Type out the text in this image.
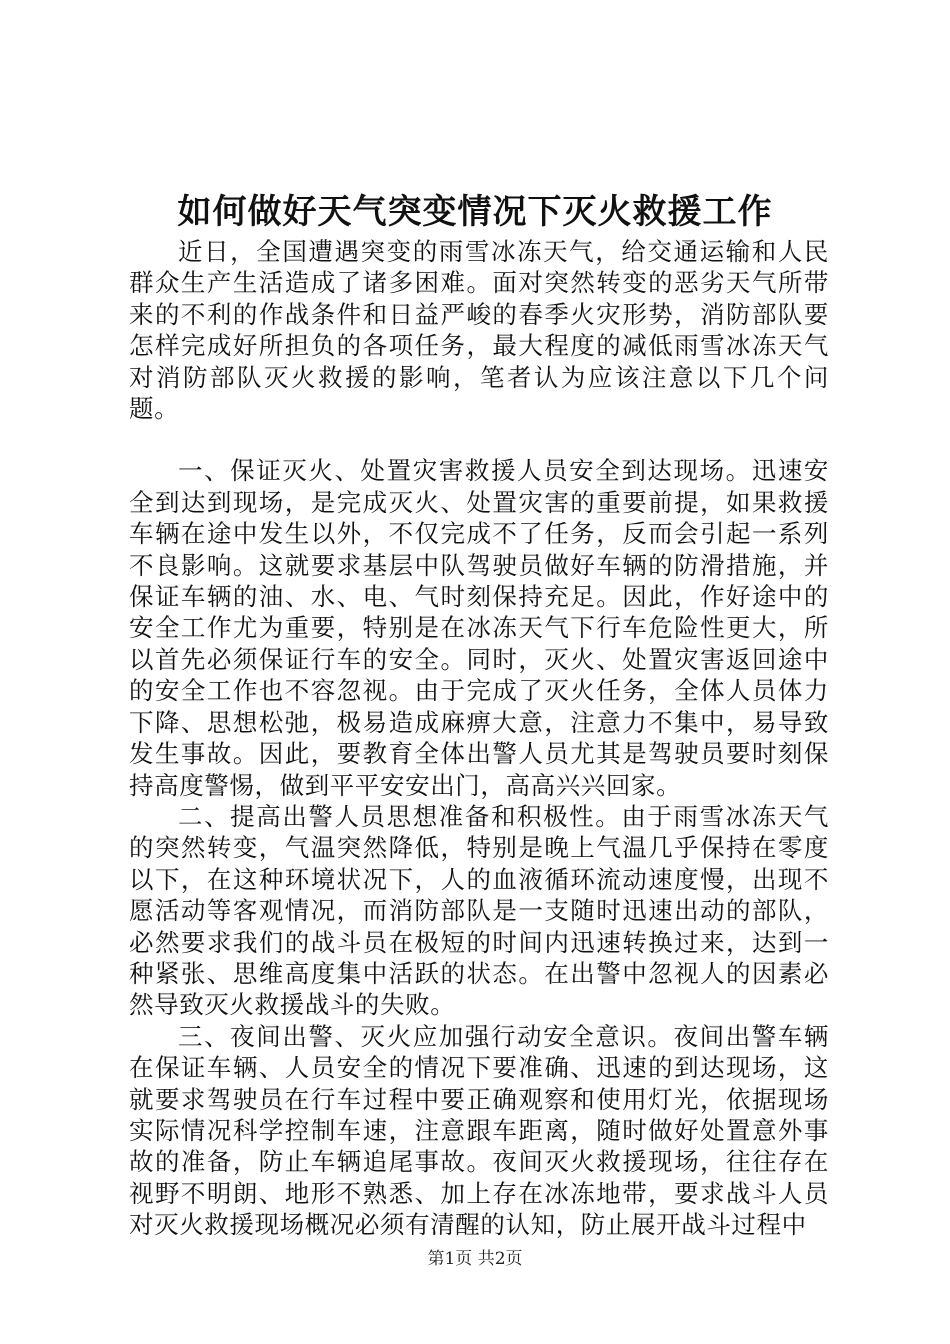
如何做好天气突变情况下灭火救援工作

近日，全国遭遇突变的雨雪冰冻天气，给交通运输和人民群众生产生活造成了诸多困难。面对突然转变的恶劣天气所带来的不利的作战条件和日益严峻的春季火灾形势，消防部队要怎样完成好所担负的各项任务，最大程度的减低雨雪冰冻天气对消防部队灭火救援的影响，笔者认为应该注意以下几个问题。

一、保证灭火、处置灾害救援人员安全到达现场。迅速安全到达到现场，是完成灭火、处置灾害的重要前提，如果救援车辆在途中发生以外，不仅完成不了任务，反而会引起一系列不良影响。这就要求基层中队驾驶员做好车辆的防滑措施，并保证车辆的油、水、电、气时刻保持充足。因此，作好途中的安全工作尤为重要，特别是在冰冻天气下行车危险性更大，所以首先必须保证行车的安全。同时，灭火、处置灾害返回途中的安全工作也不容忽视。由于完成了灭火任务，全体人员体力下降、思想松弛，极易造成麻痹大意，注意力不集中，易导致发生事故。因此，要教育全体出警人员尤其是驾驶员要时刻保持高度警惕，做到平平安安出门，高高兴兴回家。

二、提高出警人员思想准备和积极性。由于雨雪冰冻天气的突然转变，气温突然降低，特别是晚上气温几乎保持在零度以下，在这种环境状况下，人的血液循环流动速度慢，出现不愿活动等客观情况，而消防部队是一支随时迅速出动的部队，必然要求我们的战斗员在极短的时间内迅速转换过来，达到一种紧张、思维高度集中活跃的状态。在出警中忽视人的因素必然导致灭火救援战斗的失败。

三、夜间出警、灭火应加强行动安全意识。夜间出警车辆在保证车辆、人员安全的情况下要准确、迅速的到达现场，这就要求驾驶员在行车过程中要正确观察和使用灯光，依据现场实际情况科学控制车速，注意跟车距离，随时做好处置意外事故的准备，防止车辆追尾事故。夜间灭火救援现场，往往存在视野不明朗、地形不熟悉、加上存在冰冻地带，要求战斗人员对灭火救援现场概况必须有清醒的认知，防止展开战斗过程中

第1页 共2页
